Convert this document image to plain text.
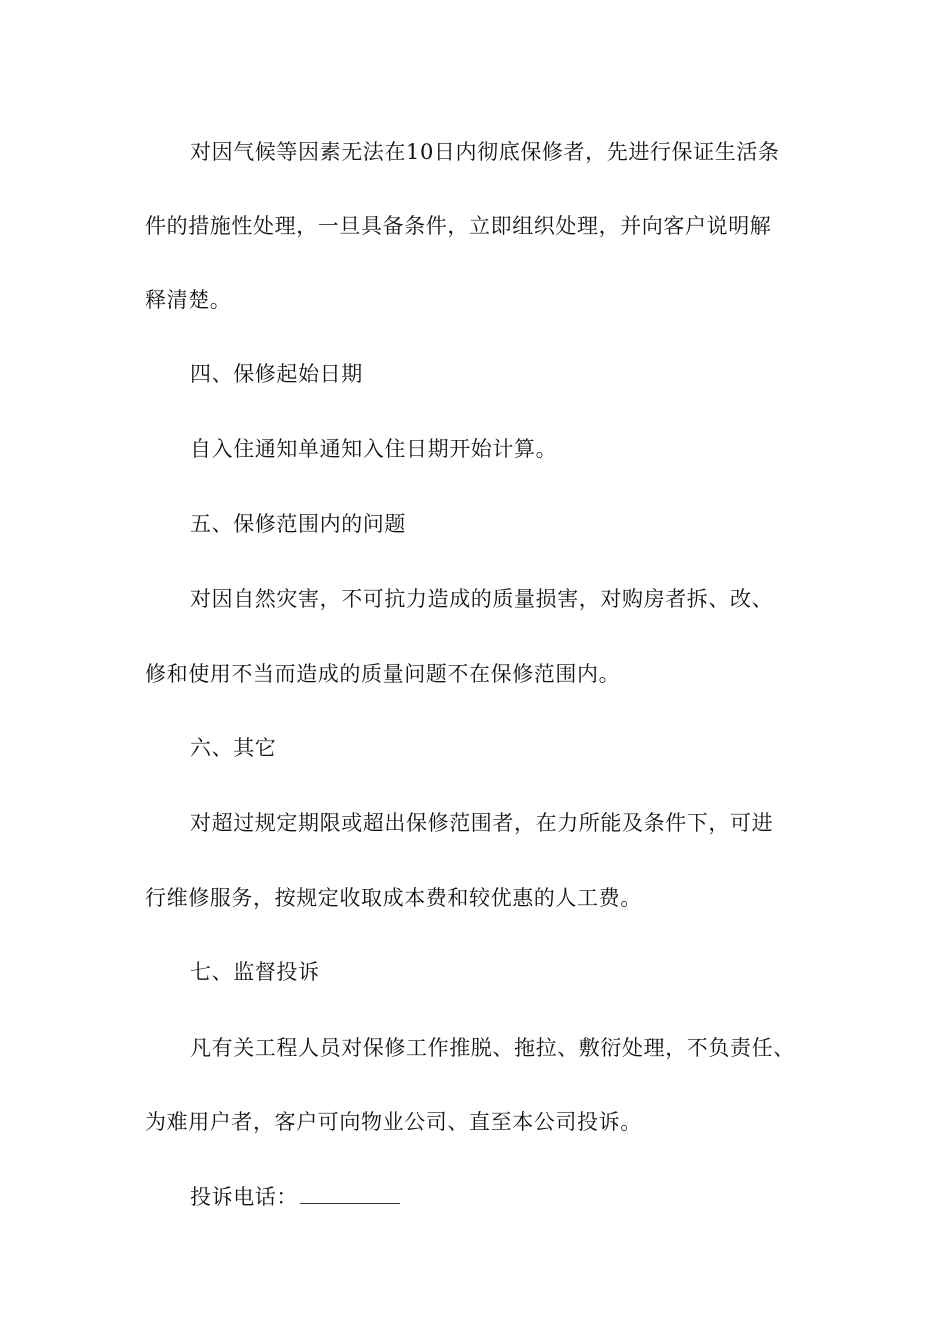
对因气候等因素无法在10日内彻底保修者，先进行保证生活条
件的措施性处理，一旦具备条件，立即组织处理，并向客户说明解
释清楚。
四、保修起始日期
自入住通知单通知入住日期开始计算。
五、保修范围内的问题
对因自然灾害，不可抗力造成的质量损害，对购房者拆、改、
修和使用不当而造成的质量问题不在保修范围内。
六、其它
对超过规定期限或超出保修范围者，在力所能及条件下，可进
行维修服务，按规定收取成本费和较优惠的人工费。
七、监督投诉
凡有关工程人员对保修工作推脱、拖拉、敷衍处理，不负责任、
为难用户者，客户可向物业公司、直至本公司投诉。
投诉电话：
